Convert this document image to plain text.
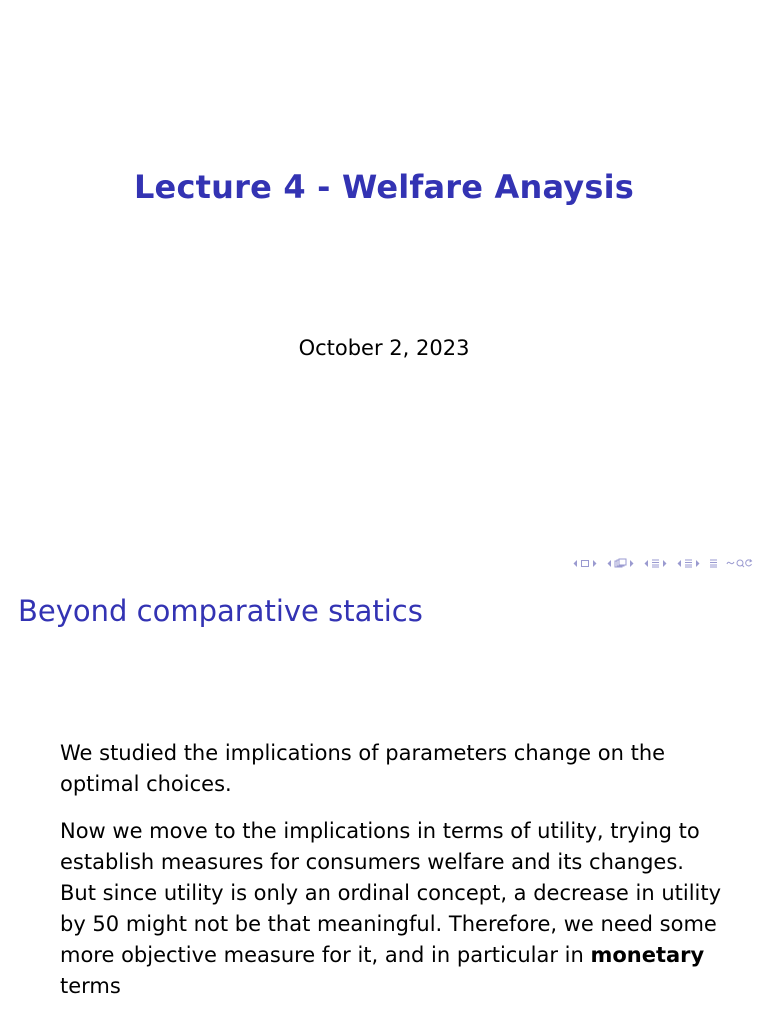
Lecture 4 - Welfare Anaysis
October 2, 2023
Beyond comparative statics

We studied the implications of parameters change on the optimal choices.

Now we move to the implications in terms of utility, trying to establish measures for consumers welfare and its changes.

But since utility is only an ordinal concept, a decrease in utility by 50 might not be that meaningful. Therefore, we need some more objective measure for it, and in particular in monetary terms
